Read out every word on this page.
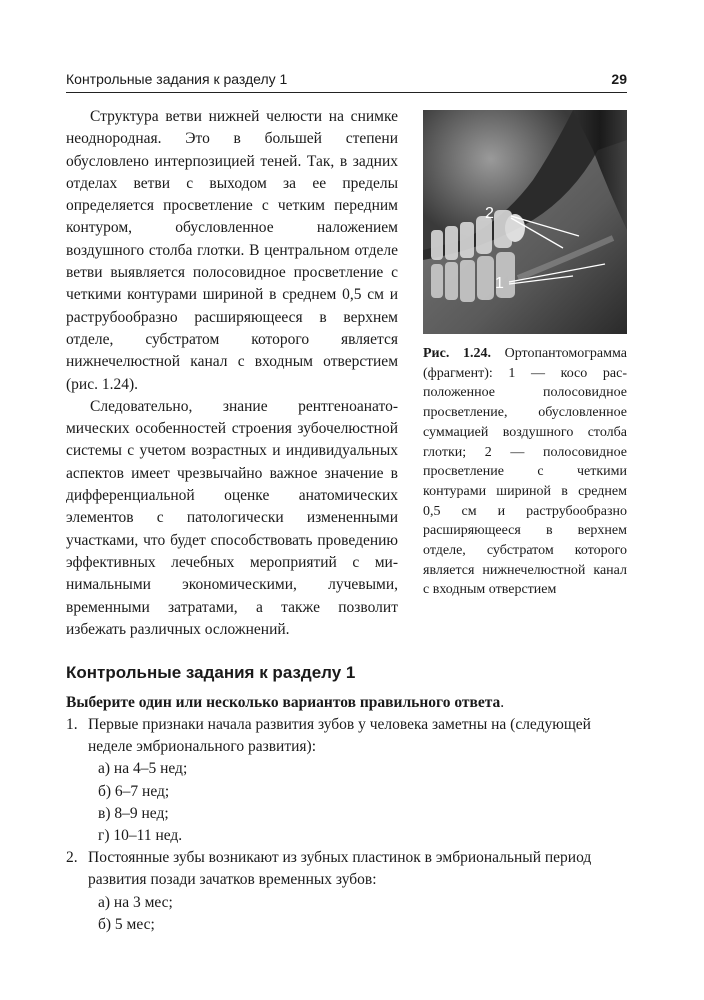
Контрольные задания к разделу 1	29

Структура ветви нижней челюсти на снимке неоднородная. Это в большей степени обусловлено интерпозицией теней. Так, в задних отделах ветви с выходом за ее пределы определяется просветление с четким передним контуром, обусловленное наложением воздушного столба глотки. В центральном отделе ветви выявляется полосовидное просветление с четкими контурами шириной в среднем 0,5 см и раструбообразно расширяющееся в верхнем отделе, субстратом которого является нижнечелюстной канал с входным отверстием (рис. 1.24).

Следовательно, знание рентгеноанатомических особенностей строения зубочелюстной системы с учетом возрастных и индивидуальных аспектов имеет чрезвычайно важное значение в дифференциальной оценке анатомических элементов с патологически измененными участками, что будет способствовать проведению эффективных лечебных мероприятий с минимальными экономическими, лучевыми, временными затратами, а также позволит избежать различных осложнений.

2
1
Рис. 1.24. Ортопантомограмма (фрагмент): 1 — косо расположенное полосовидное просветление, обусловленное суммацией воздушного столба глотки; 2 — полосовидное просветление с четкими контурами шириной в среднем 0,5 см и раструбообразно расширяющееся в верхнем отделе, субстратом которого является нижнечелюстной канал с входным отверстием
Контрольные задания к разделу 1
Выберите один или несколько вариантов правильного ответа.
1. Первые признаки начала развития зубов у человека заметны на (следующей неделе эмбрионального развития):
а) на 4–5 нед;
б) 6–7 нед;
в) 8–9 нед;
г) 10–11 нед.
2. Постоянные зубы возникают из зубных пластинок в эмбриональный период развития позади зачатков временных зубов:
а) на 3 мес;
б) 5 мес;
